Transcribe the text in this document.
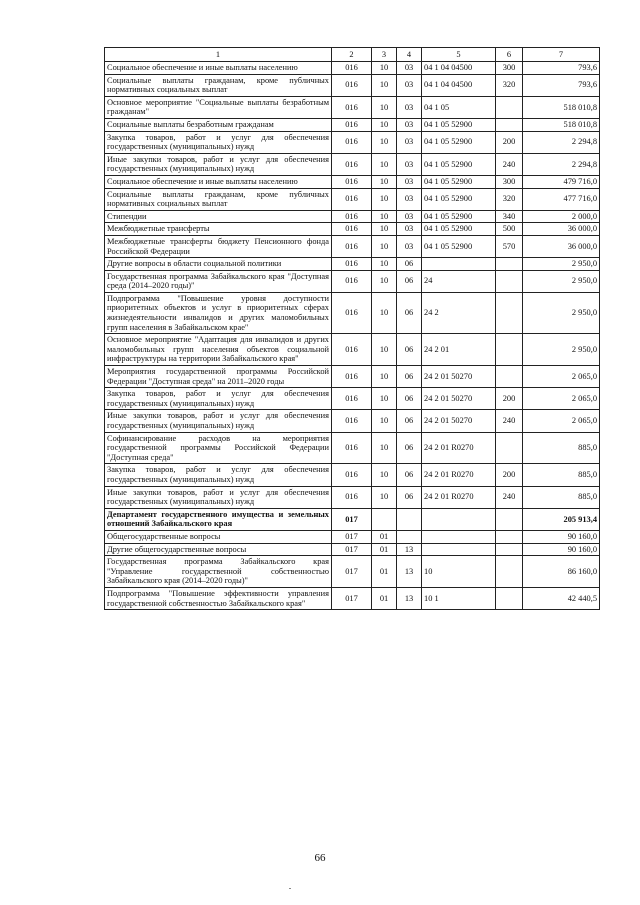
1	2	3	4	5	6	7
Социальное обеспечение и иные выплаты населению	016	10	03	04 1 04 04500	300	793,6
Социальные выплаты гражданам, кроме публичных нормативных социальных выплат	016	10	03	04 1 04 04500	320	793,6
Основное мероприятие "Социальные выплаты безработным гражданам"	016	10	03	04 1 05		518 010,8
Социальные выплаты безработным гражданам	016	10	03	04 1 05 52900		518 010,8
Закупка товаров, работ и услуг для обеспечения государственных (муниципальных) нужд	016	10	03	04 1 05 52900	200	2 294,8
Иные закупки товаров, работ и услуг для обеспечения государственных (муниципальных) нужд	016	10	03	04 1 05 52900	240	2 294,8
Социальное обеспечение и иные выплаты населению	016	10	03	04 1 05 52900	300	479 716,0
Социальные выплаты гражданам, кроме публичных нормативных социальных выплат	016	10	03	04 1 05 52900	320	477 716,0
Стипендии	016	10	03	04 1 05 52900	340	2 000,0
Межбюджетные трансферты	016	10	03	04 1 05 52900	500	36 000,0
Межбюджетные трансферты бюджету Пенсионного фонда Российской Федерации	016	10	03	04 1 05 52900	570	36 000,0
Другие вопросы в области социальной политики	016	10	06			2 950,0
Государственная программа Забайкальского края "Доступная среда (2014–2020 годы)"	016	10	06	24		2 950,0
Подпрограмма "Повышение уровня доступности приоритетных объектов и услуг в приоритетных сферах жизнедеятельности инвалидов и других маломобильных групп населения в Забайкальском крае"	016	10	06	24 2		2 950,0
Основное мероприятие "Адаптация для инвалидов и других маломобильных групп населения объектов социальной инфраструктуры на территории Забайкальского края"	016	10	06	24 2 01		2 950,0
Мероприятия государственной программы Российской Федерации "Доступная среда" на 2011–2020 годы	016	10	06	24 2 01 50270		2 065,0
Закупка товаров, работ и услуг для обеспечения государственных (муниципальных) нужд	016	10	06	24 2 01 50270	200	2 065,0
Иные закупки товаров, работ и услуг для обеспечения государственных (муниципальных) нужд	016	10	06	24 2 01 50270	240	2 065,0
Софинансирование расходов на мероприятия государственной программы Российской Федерации "Доступная среда"	016	10	06	24 2 01 R0270		885,0
Закупка товаров, работ и услуг для обеспечения государственных (муниципальных) нужд	016	10	06	24 2 01 R0270	200	885,0
Иные закупки товаров, работ и услуг для обеспечения государственных (муниципальных) нужд	016	10	06	24 2 01 R0270	240	885,0
Департамент государственного имущества и земельных отношений Забайкальского края	017					205 913,4
Общегосударственные вопросы	017	01				90 160,0
Другие общегосударственные вопросы	017	01	13			90 160,0
Государственная программа Забайкальского края "Управление государственной собственностью Забайкальского края (2014–2020 годы)"	017	01	13	10		86 160,0
Подпрограмма "Повышение эффективности управления государственной собственностью Забайкальского края"	017	01	13	10 1		42 440,5
66
